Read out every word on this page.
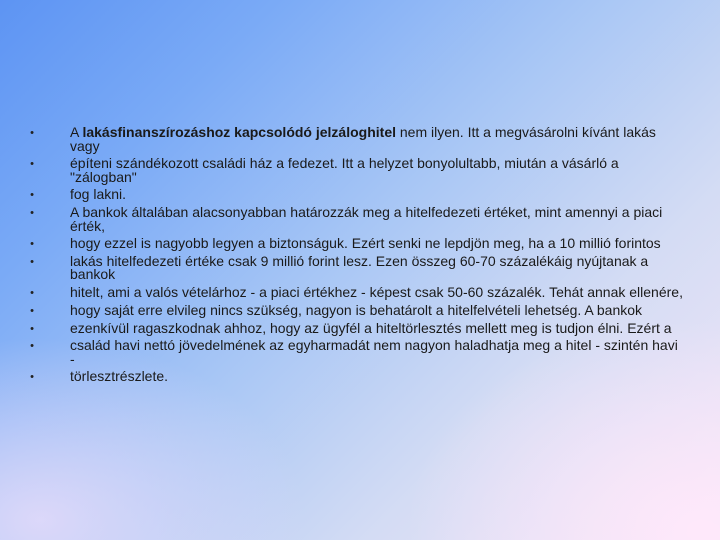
•	A lakásfinanszírozáshoz kapcsolódó jelzáloghitel nem ilyen. Itt a megvásárolni kívánt lakás vagy
•	építeni szándékozott családi ház a fedezet. Itt a helyzet bonyolultabb, miután a vásárló a "zálogban"
•	fog lakni.
•	A bankok általában alacsonyabban határozzák meg a hitelfedezeti értéket, mint amennyi a piaci érték,
•	hogy ezzel is nagyobb legyen a biztonságuk. Ezért senki ne lepdjön meg, ha a 10 millió forintos
•	lakás hitelfedezeti értéke csak 9 millió forint lesz. Ezen összeg 60-70 százalékáig nyújtanak a bankok
•	hitelt, ami a valós vételárhoz - a piaci értékhez - képest csak 50-60 százalék. Tehát annak ellenére,
•	hogy saját erre elvileg nincs szükség, nagyon is behatárolt a hitelfelvételi lehetség. A bankok
•	ezenkívül ragaszkodnak ahhoz, hogy az ügyfél a hiteltörlesztés mellett meg is tudjon élni. Ezért a
•	család havi nettó jövedelmének az egyharmadát nem nagyon haladhatja meg a hitel - szintén havi -
•	törlesztrészlete.
